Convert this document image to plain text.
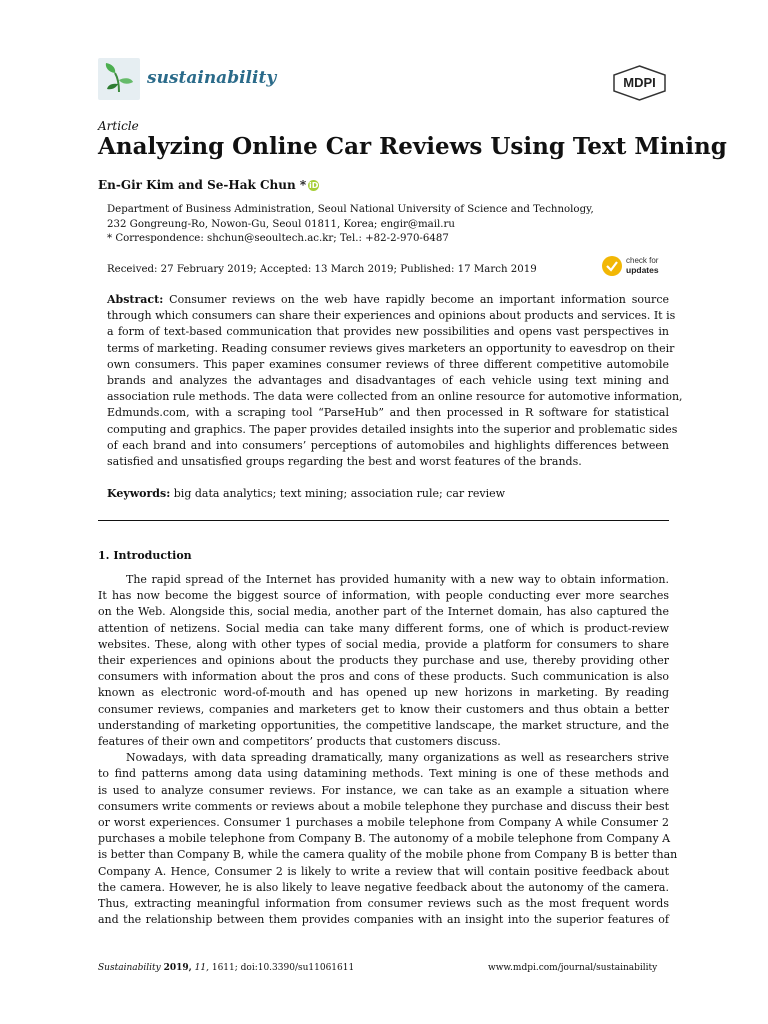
sustainability	MDPI
Article
Analyzing Online Car Reviews Using Text Mining
En-Gir Kim and Se-Hak Chun * iD
Department of Business Administration, Seoul National University of Science and Technology,
232 Gongreung-Ro, Nowon-Gu, Seoul 01811, Korea; engir@mail.ru
* Correspondence: shchun@seoultech.ac.kr; Tel.: +82-2-970-6487
Received: 27 February 2019; Accepted: 13 March 2019; Published: 17 March 2019
check for
updates
Abstract: Consumer reviews on the web have rapidly become an important information source
through which consumers can share their experiences and opinions about products and services. It is
a form of text-based communication that provides new possibilities and opens vast perspectives in
terms of marketing. Reading consumer reviews gives marketers an opportunity to eavesdrop on their
own consumers. This paper examines consumer reviews of three different competitive automobile
brands and analyzes the advantages and disadvantages of each vehicle using text mining and
association rule methods. The data were collected from an online resource for automotive information,
Edmunds.com, with a scraping tool “ParseHub” and then processed in R software for statistical
computing and graphics. The paper provides detailed insights into the superior and problematic sides
of each brand and into consumers’ perceptions of automobiles and highlights differences between
satisfied and unsatisfied groups regarding the best and worst features of the brands.
Keywords: big data analytics; text mining; association rule; car review
1. Introduction
The rapid spread of the Internet has provided humanity with a new way to obtain information.
It has now become the biggest source of information, with people conducting ever more searches
on the Web. Alongside this, social media, another part of the Internet domain, has also captured the
attention of netizens. Social media can take many different forms, one of which is product-review
websites. These, along with other types of social media, provide a platform for consumers to share
their experiences and opinions about the products they purchase and use, thereby providing other
consumers with information about the pros and cons of these products. Such communication is also
known as electronic word-of-mouth and has opened up new horizons in marketing. By reading
consumer reviews, companies and marketers get to know their customers and thus obtain a better
understanding of marketing opportunities, the competitive landscape, the market structure, and the
features of their own and competitors’ products that customers discuss.
Nowadays, with data spreading dramatically, many organizations as well as researchers strive
to find patterns among data using datamining methods. Text mining is one of these methods and
is used to analyze consumer reviews. For instance, we can take as an example a situation where
consumers write comments or reviews about a mobile telephone they purchase and discuss their best
or worst experiences. Consumer 1 purchases a mobile telephone from Company A while Consumer 2
purchases a mobile telephone from Company B. The autonomy of a mobile telephone from Company A
is better than Company B, while the camera quality of the mobile phone from Company B is better than
Company A. Hence, Consumer 2 is likely to write a review that will contain positive feedback about
the camera. However, he is also likely to leave negative feedback about the autonomy of the camera.
Thus, extracting meaningful information from consumer reviews such as the most frequent words
and the relationship between them provides companies with an insight into the superior features of
Sustainability 2019, 11, 1611; doi:10.3390/su11061611	www.mdpi.com/journal/sustainability
